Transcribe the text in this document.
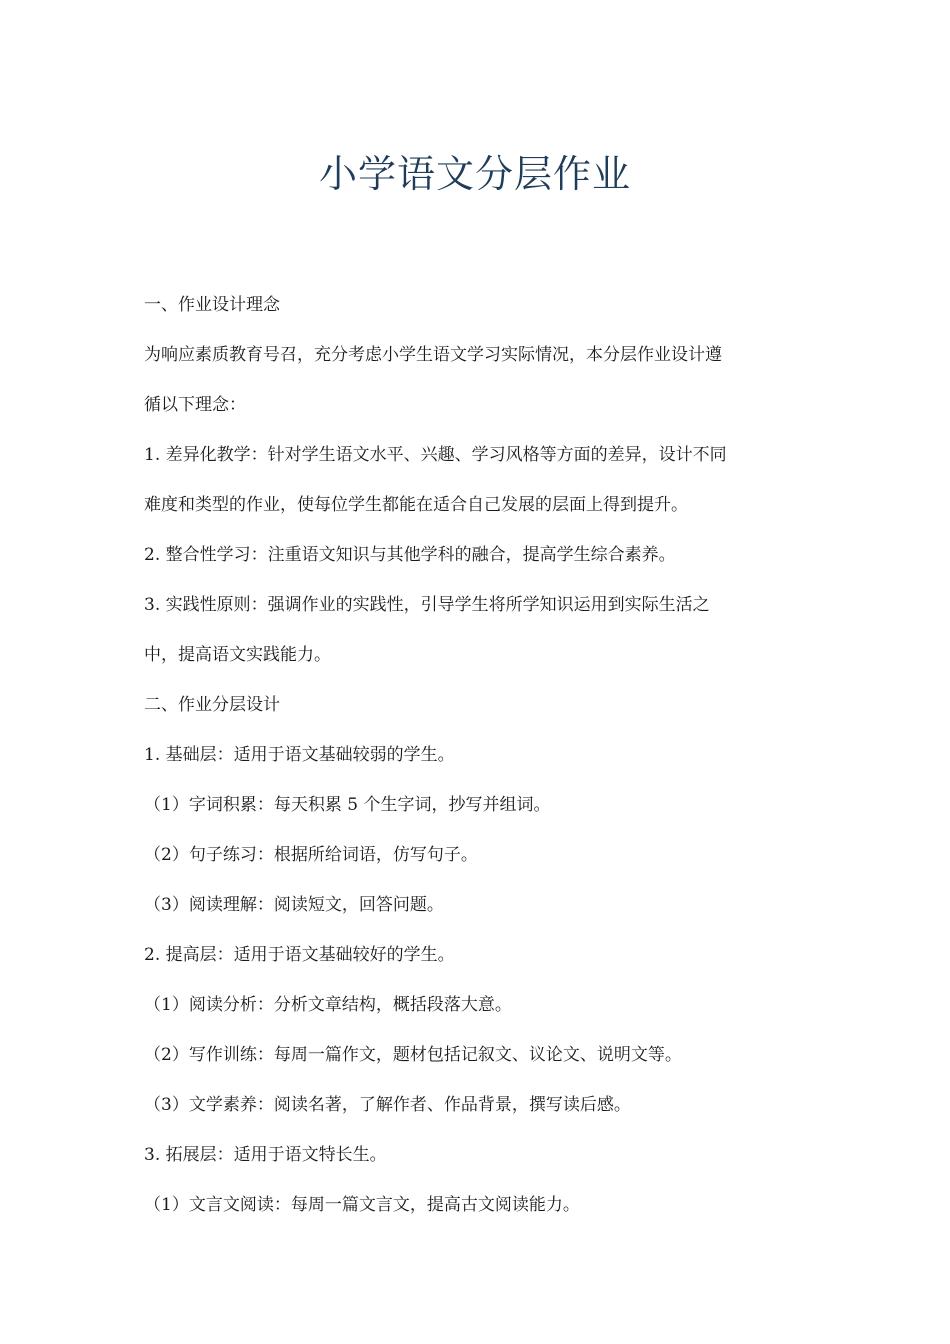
小学语文分层作业

一、作业设计理念

为响应素质教育号召，充分考虑小学生语文学习实际情况，本分层作业设计遵

循以下理念：

1. 差异化教学：针对学生语文水平、兴趣、学习风格等方面的差异，设计不同

难度和类型的作业，使每位学生都能在适合自己发展的层面上得到提升。

2. 整合性学习：注重语文知识与其他学科的融合，提高学生综合素养。

3. 实践性原则：强调作业的实践性，引导学生将所学知识运用到实际生活之

中，提高语文实践能力。

二、作业分层设计

1. 基础层：适用于语文基础较弱的学生。

（1）字词积累：每天积累 5 个生字词，抄写并组词。

（2）句子练习：根据所给词语，仿写句子。

（3）阅读理解：阅读短文，回答问题。

2. 提高层：适用于语文基础较好的学生。

（1）阅读分析：分析文章结构，概括段落大意。

（2）写作训练：每周一篇作文，题材包括记叙文、议论文、说明文等。

（3）文学素养：阅读名著，了解作者、作品背景，撰写读后感。

3. 拓展层：适用于语文特长生。

（1）文言文阅读：每周一篇文言文，提高古文阅读能力。
